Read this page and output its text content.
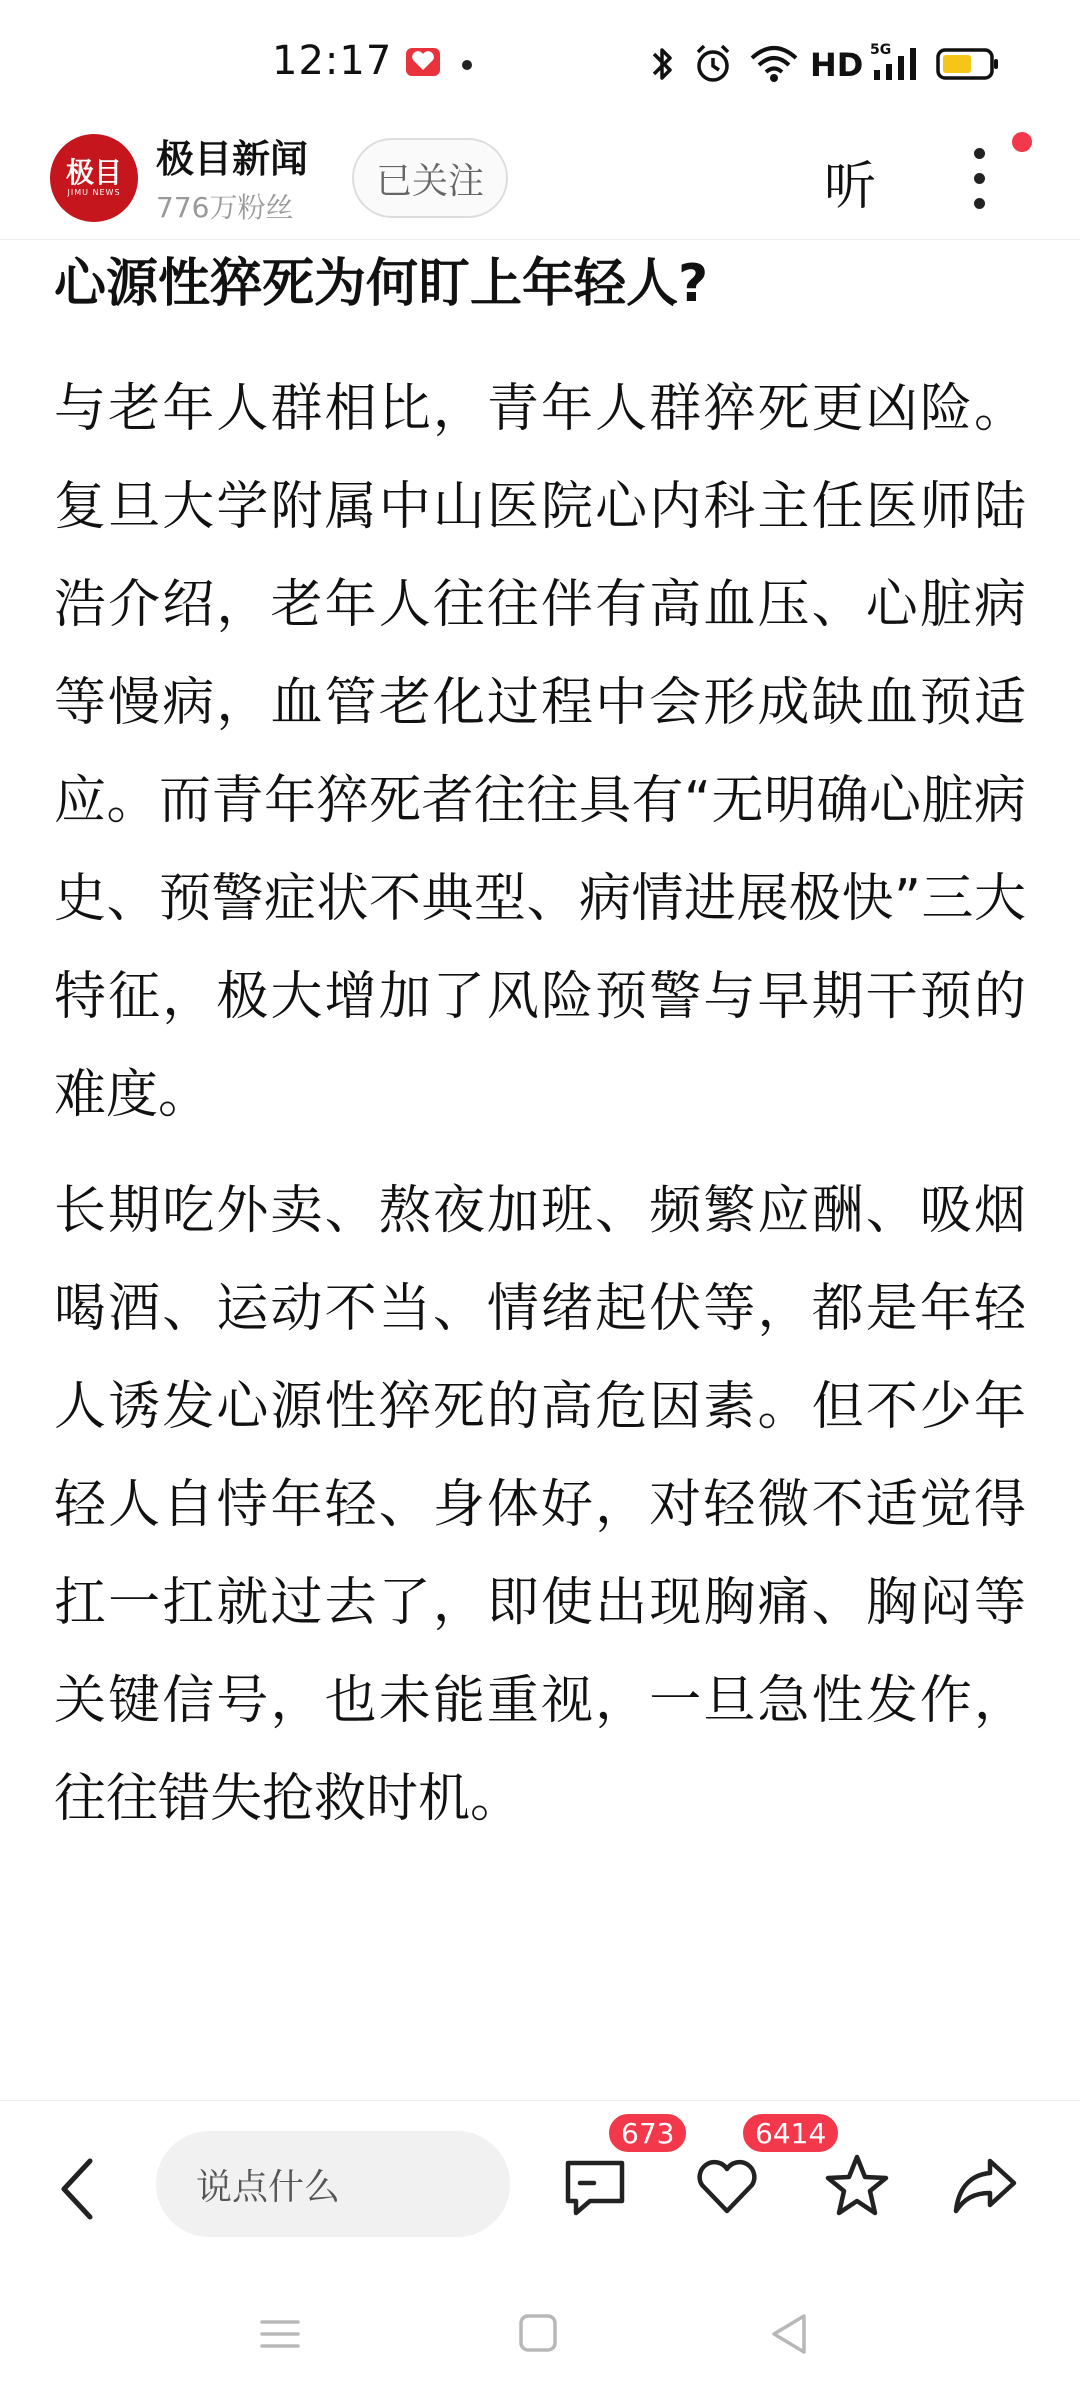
12:17	HD 5G
极目
JIMU NEWS
极目新闻
776万粉丝
已关注	听
心源性猝死为何盯上年轻人?

与老年人群相比，青年人群猝死更凶险。复旦大学附属中山医院心内科主任医师陆浩介绍，老年人往往伴有高血压、心脏病等慢病，血管老化过程中会形成缺血预适应。而青年猝死者往往具有“无明确心脏病史、预警症状不典型、病情进展极快”三大特征，极大增加了风险预警与早期干预的难度。

长期吃外卖、熬夜加班、频繁应酬、吸烟喝酒、运动不当、情绪起伏等，都是年轻人诱发心源性猝死的高危因素。但不少年轻人自恃年轻、身体好，对轻微不适觉得扛一扛就过去了，即使出现胸痛、胸闷等关键信号，也未能重视，一旦急性发作，往往错失抢救时机。

说点什么
673	6414
